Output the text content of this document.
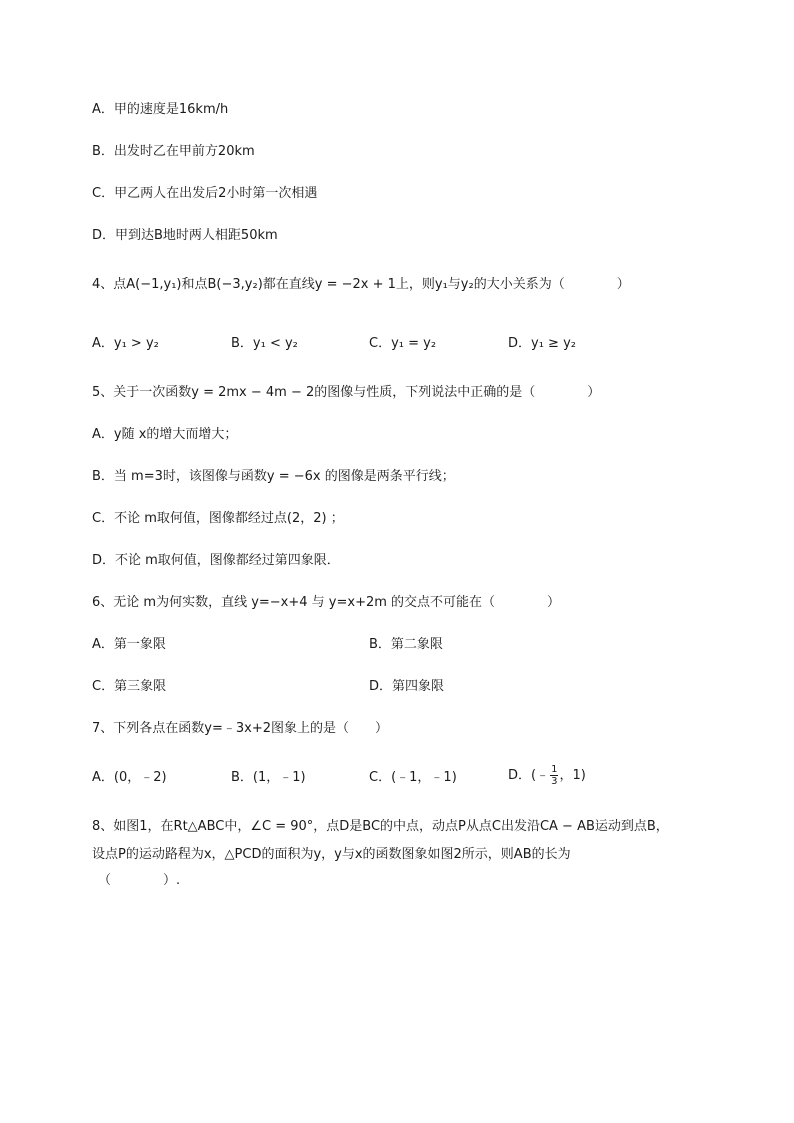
A．甲的速度是16km/h
B．出发时乙在甲前方20km
C．甲乙两人在出发后2小时第一次相遇
D．甲到达B地时两人相距50km
4、点A(−1,y₁)和点B(−3,y₂)都在直线y = −2x + 1上，则y₁与y₂的大小关系为（　　　　）
A．y₁ > y₂	B．y₁ < y₂	C．y₁ = y₂	D．y₁ ≥ y₂
5、关于一次函数y = 2mx − 4m − 2的图像与性质，下列说法中正确的是（　　　　）
A．y随 x的增大而增大；
B．当 m=3时，该图像与函数y = −6x 的图像是两条平行线；
C．不论 m取何值，图像都经过点(2，2) ；
D．不论 m取何值，图像都经过第四象限．
6、无论 m为何实数，直线 y=−x+4 与 y=x+2m 的交点不可能在（　　　　）
A．第一象限	B．第二象限
C．第三象限	D．第四象限
7、下列各点在函数y=﹣3x+2图象上的是（　　）
A．(0，﹣2)	B．(1，﹣1)	C．(﹣1，﹣1)	D．(﹣ $\frac{1}{3}$ ，1)
8、如图1，在Rt△ABC中，∠C = 90°，点D是BC的中点，动点P从点C出发沿CA − AB运动到点B，
设点P的运动路程为x，△PCD的面积为y，y与x的函数图象如图2所示，则AB的长为
（　　　　）.
